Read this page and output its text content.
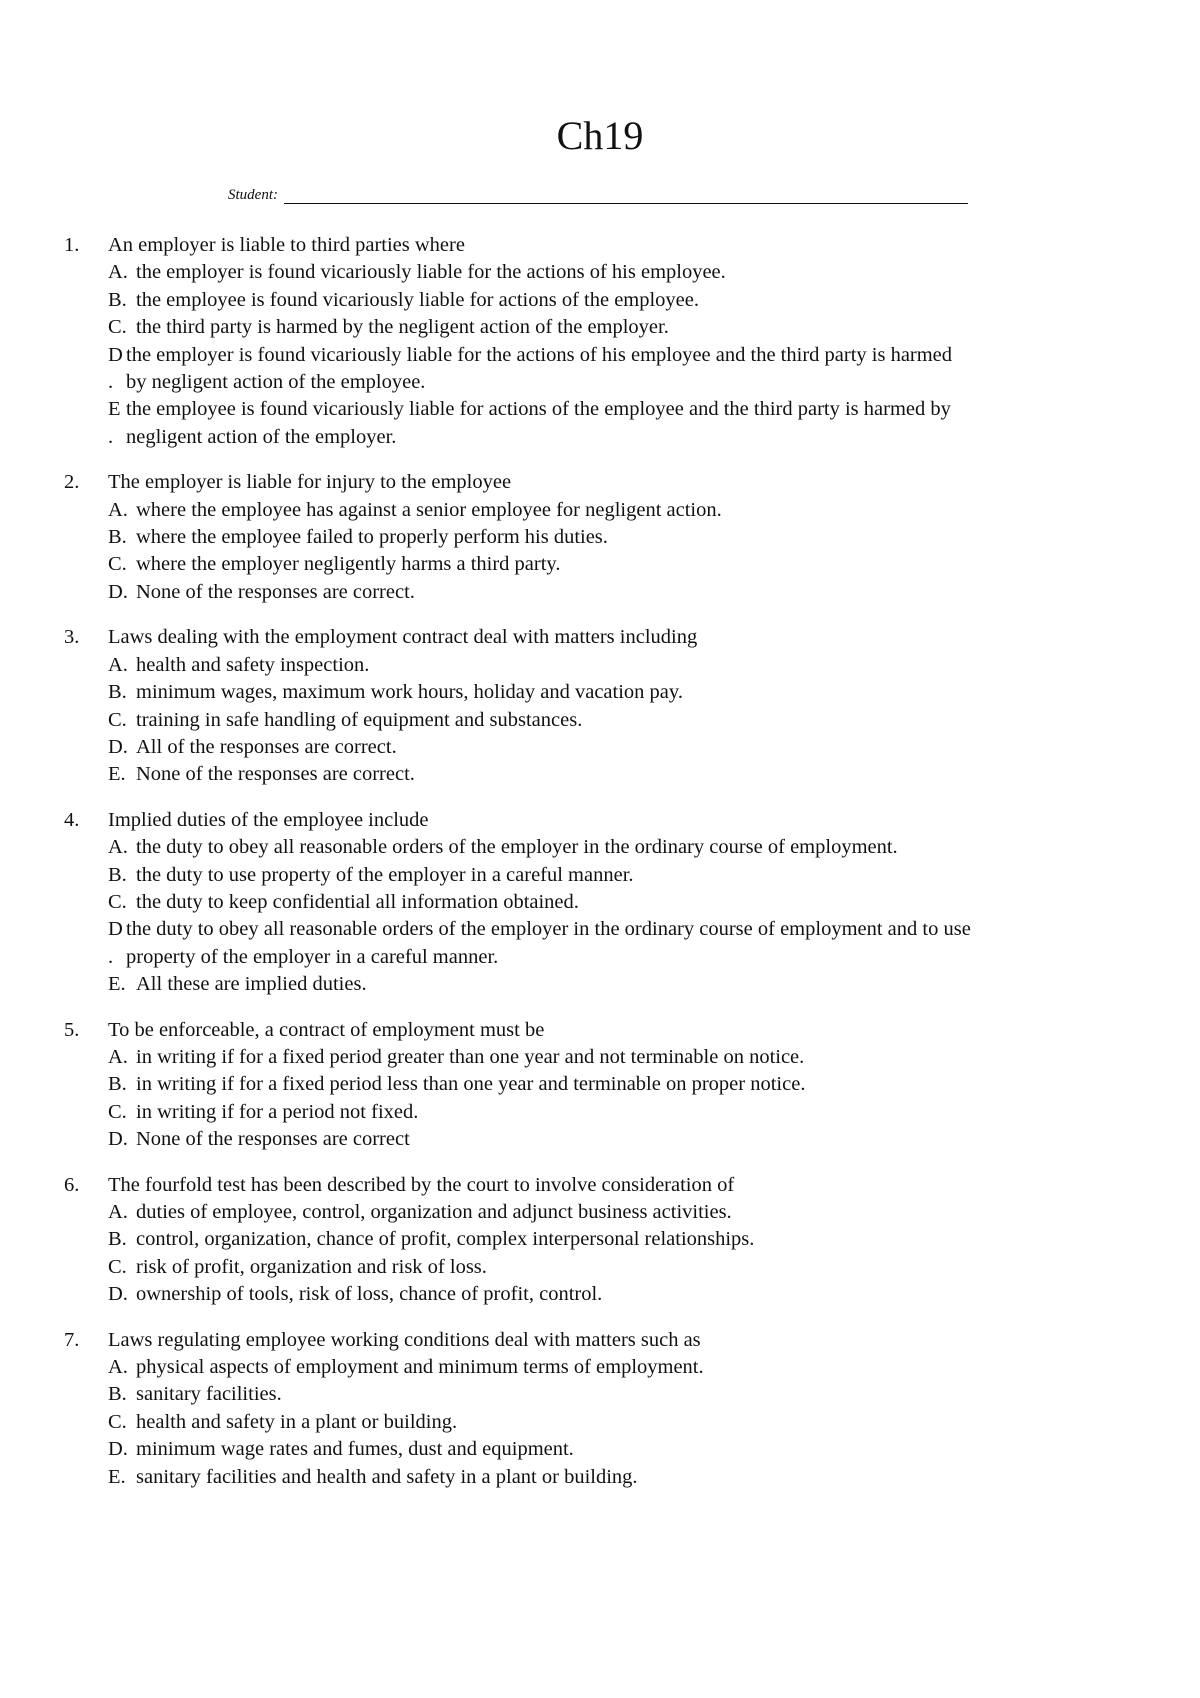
Ch19
Student:
1.	An employer is liable to third parties where
A. the employer is found vicariously liable for the actions of his employee.
B. the employee is found vicariously liable for actions of the employee.
C. the third party is harmed by the negligent action of the employer.
D the employer is found vicariously liable for the actions of his employee and the third party is harmed
. by negligent action of the employee.
E the employee is found vicariously liable for actions of the employee and the third party is harmed by
. negligent action of the employer.
2.	The employer is liable for injury to the employee
A. where the employee has against a senior employee for negligent action.
B. where the employee failed to properly perform his duties.
C. where the employer negligently harms a third party.
D. None of the responses are correct.
3.	Laws dealing with the employment contract deal with matters including
A. health and safety inspection.
B. minimum wages, maximum work hours, holiday and vacation pay.
C. training in safe handling of equipment and substances.
D. All of the responses are correct.
E. None of the responses are correct.
4.	Implied duties of the employee include
A. the duty to obey all reasonable orders of the employer in the ordinary course of employment.
B. the duty to use property of the employer in a careful manner.
C. the duty to keep confidential all information obtained.
D the duty to obey all reasonable orders of the employer in the ordinary course of employment and to use
. property of the employer in a careful manner.
E. All these are implied duties.
5.	To be enforceable, a contract of employment must be
A. in writing if for a fixed period greater than one year and not terminable on notice.
B. in writing if for a fixed period less than one year and terminable on proper notice.
C. in writing if for a period not fixed.
D. None of the responses are correct
6.	The fourfold test has been described by the court to involve consideration of
A. duties of employee, control, organization and adjunct business activities.
B. control, organization, chance of profit, complex interpersonal relationships.
C. risk of profit, organization and risk of loss.
D. ownership of tools, risk of loss, chance of profit, control.
7.	Laws regulating employee working conditions deal with matters such as
A. physical aspects of employment and minimum terms of employment.
B. sanitary facilities.
C. health and safety in a plant or building.
D. minimum wage rates and fumes, dust and equipment.
E. sanitary facilities and health and safety in a plant or building.
